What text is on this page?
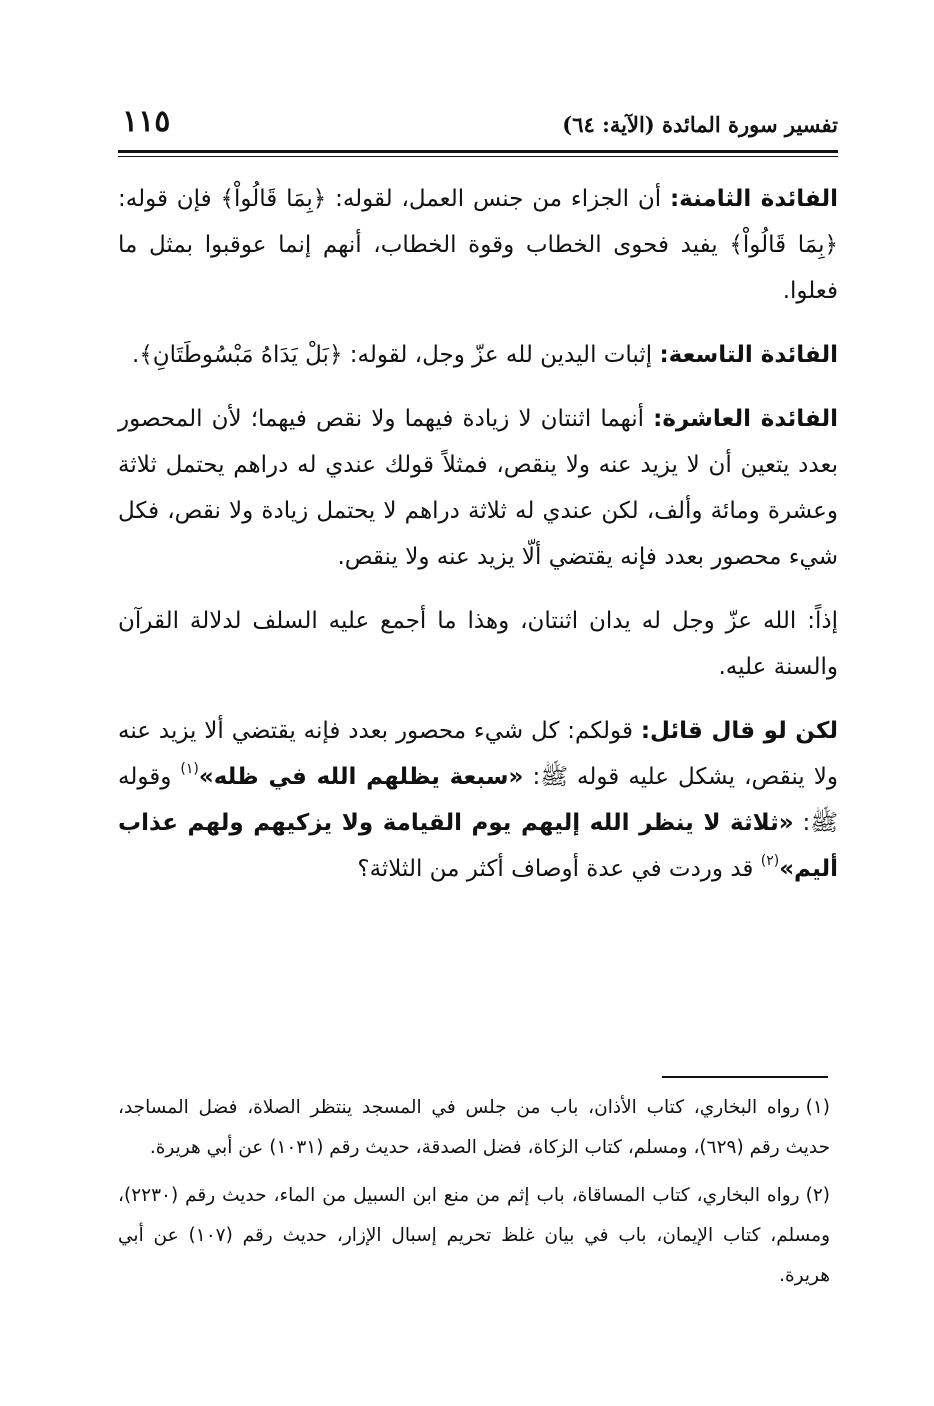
تفسير سورة المائدة (الآية: ٦٤)
١١٥

الفائدة الثامنة: أن الجزاء من جنس العمل، لقوله: ﴿بِمَا قَالُواْ﴾ فإن قوله: ﴿بِمَا قَالُواْ﴾ يفيد فحوى الخطاب وقوة الخطاب، أنهم إنما عوقبوا بمثل ما فعلوا.

الفائدة التاسعة: إثبات اليدين لله عزّ وجل، لقوله: ﴿بَلْ يَدَاهُ مَبْسُوطَتَانِ﴾.

الفائدة العاشرة: أنهما اثنتان لا زيادة فيهما ولا نقص فيهما؛ لأن المحصور بعدد يتعين أن لا يزيد عنه ولا ينقص، فمثلاً قولك عندي له دراهم يحتمل ثلاثة وعشرة ومائة وألف، لكن عندي له ثلاثة دراهم لا يحتمل زيادة ولا نقص، فكل شيء محصور بعدد فإنه يقتضي ألّا يزيد عنه ولا ينقص.

إذاً: الله عزّ وجل له يدان اثنتان، وهذا ما أجمع عليه السلف لدلالة القرآن والسنة عليه.

لكن لو قال قائل: قولكم: كل شيء محصور بعدد فإنه يقتضي ألا يزيد عنه ولا ينقص، يشكل عليه قوله ﷺ: «سبعة يظلهم الله في ظله»$^{(١)}$ وقوله ﷺ: «ثلاثة لا ينظر الله إليهم يوم القيامة ولا يزكيهم ولهم عذاب أليم»$^{(٢)}$ قد وردت في عدة أوصاف أكثر من الثلاثة؟

(١)رواه البخاري، كتاب الأذان، باب من جلس في المسجد ينتظر الصلاة، فضل المساجد، حديث رقم (٦٢٩)، ومسلم، كتاب الزكاة، فضل الصدقة، حديث رقم (١٠٣١) عن أبي هريرة.

(٢)رواه البخاري، كتاب المساقاة، باب إثم من منع ابن السبيل من الماء، حديث رقم (٢٢٣٠)، ومسلم، كتاب الإيمان، باب في بيان غلظ تحريم إسبال الإزار، حديث رقم (١٠٧) عن أبي هريرة.
